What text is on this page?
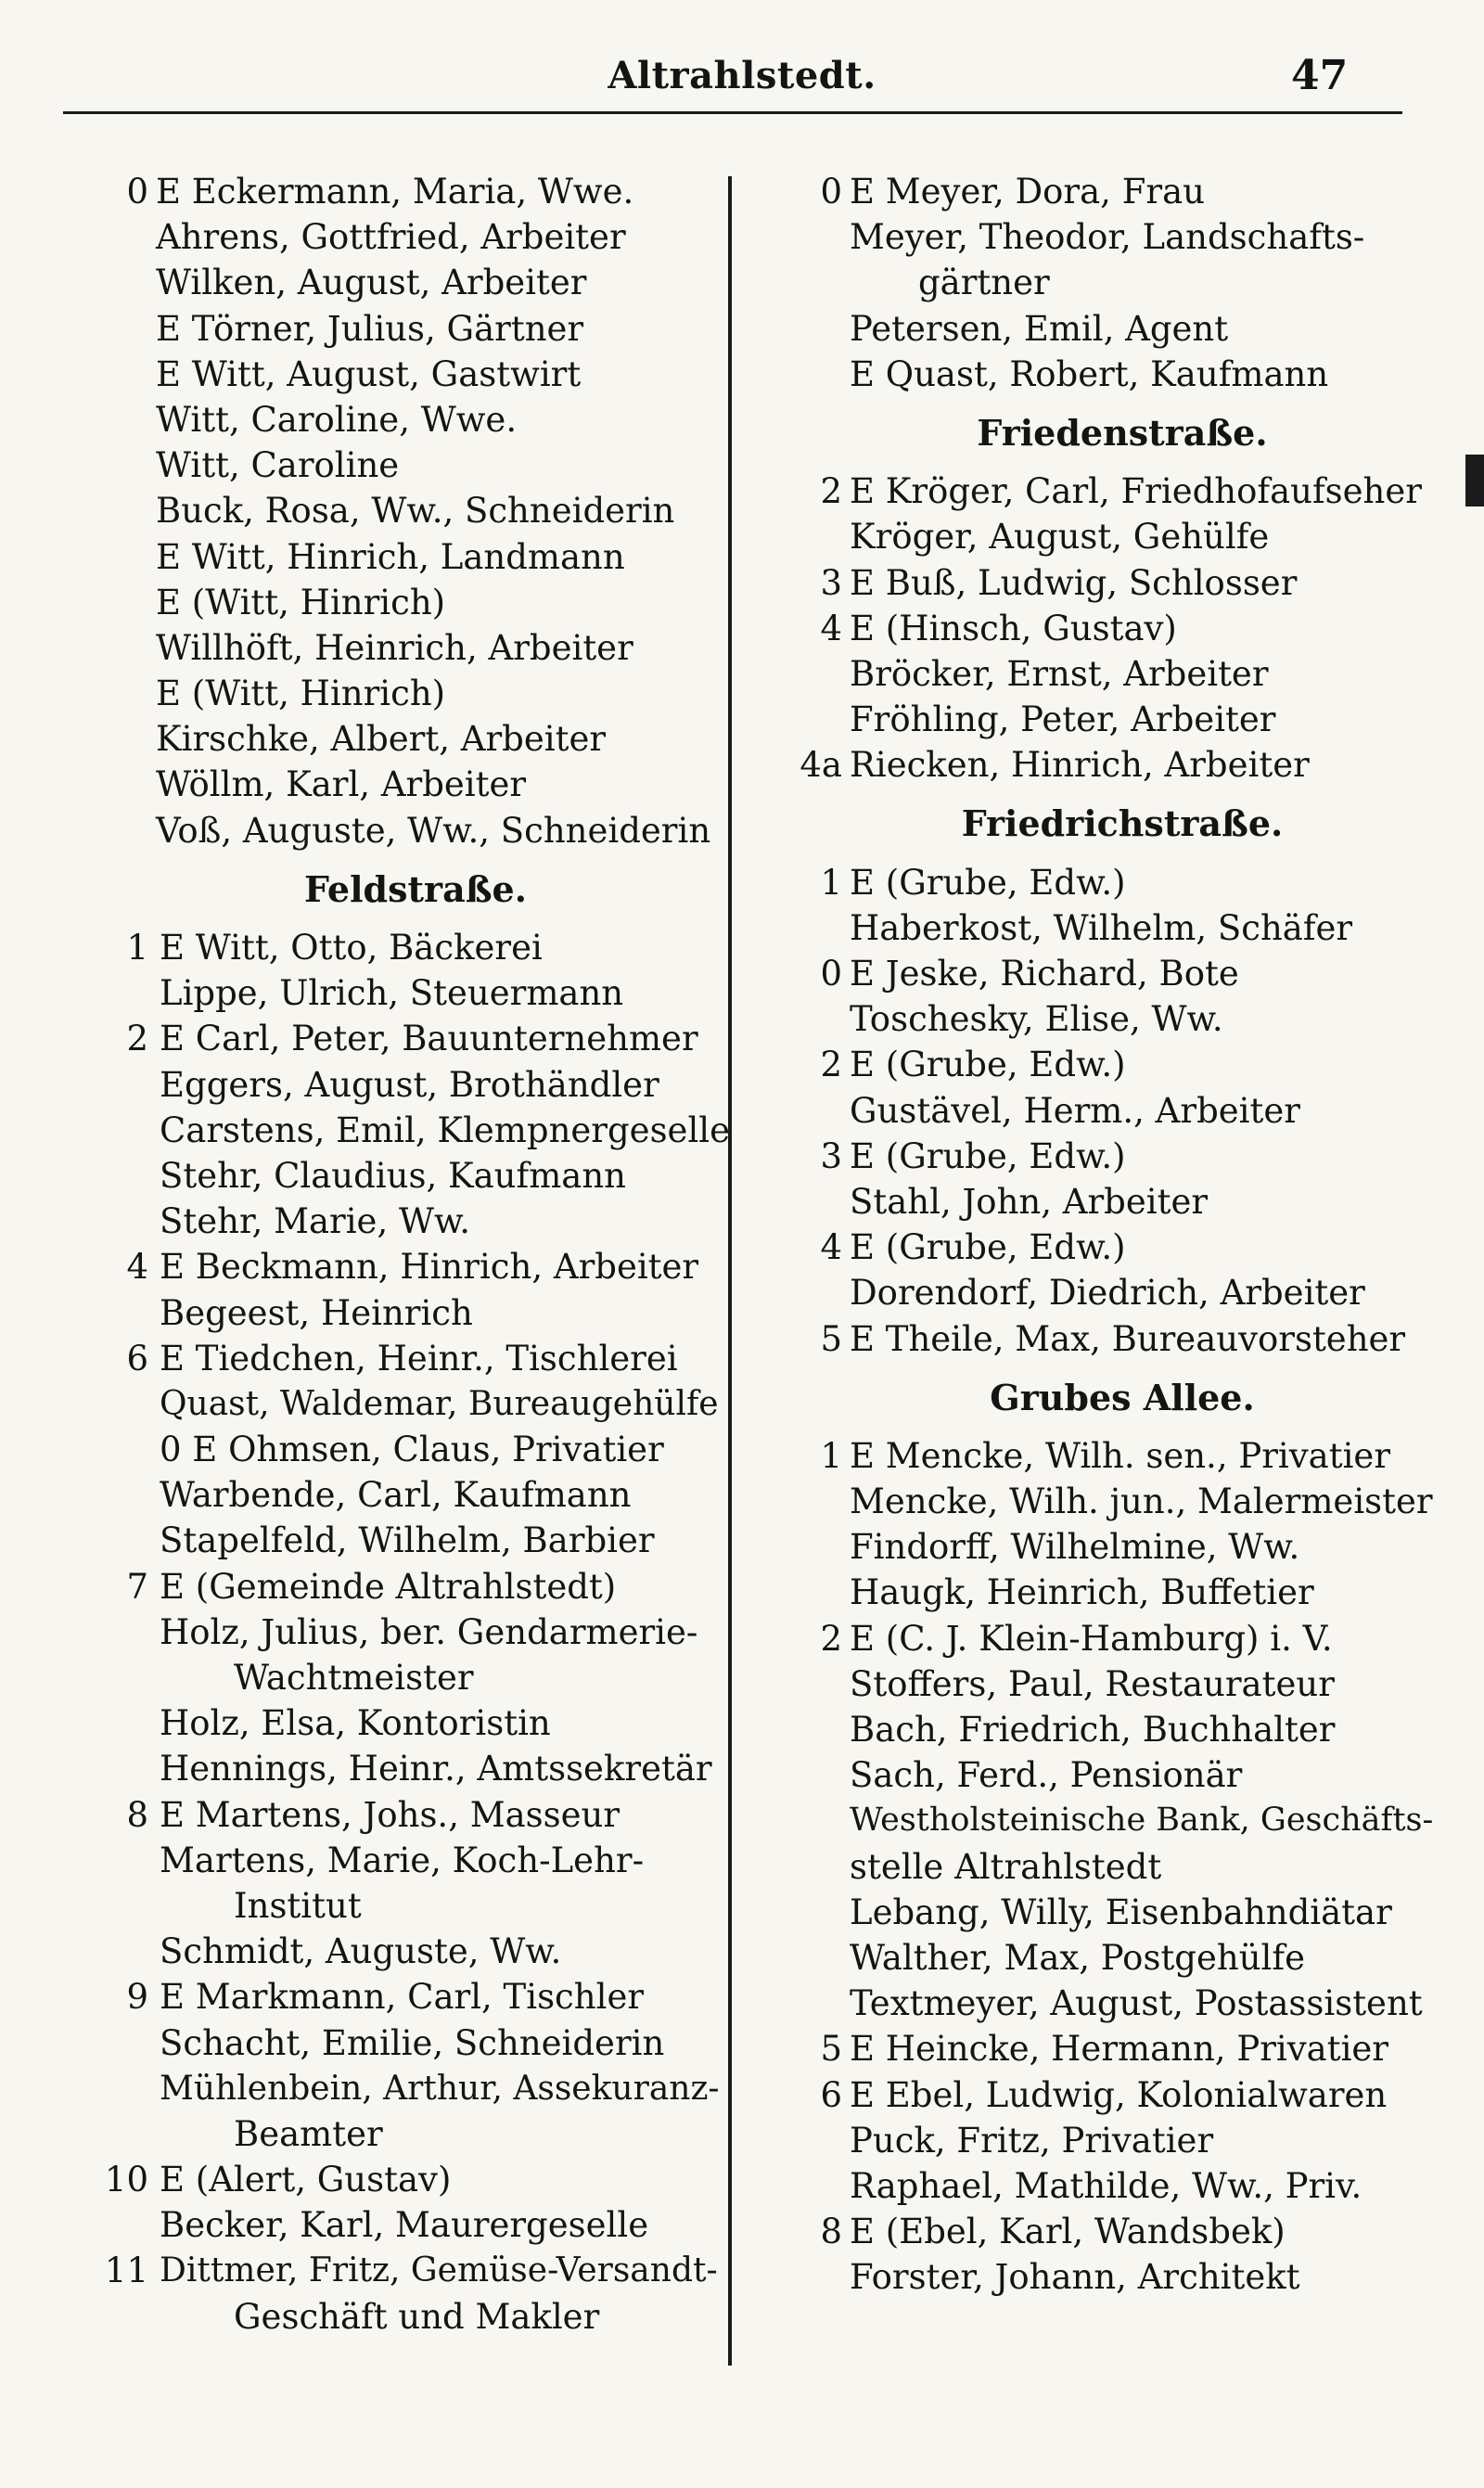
Altrahlstedt.	47
0 E Eckermann, Maria, Wwe.
Ahrens, Gottfried, Arbeiter
Wilken, August, Arbeiter
E Törner, Julius, Gärtner
E Witt, August, Gastwirt
Witt, Caroline, Wwe.
Witt, Caroline
Buck, Rosa, Ww., Schneiderin
E Witt, Hinrich, Landmann
E (Witt, Hinrich)
Willhöft, Heinrich, Arbeiter
E (Witt, Hinrich)
Kirschke, Albert, Arbeiter
Wöllm, Karl, Arbeiter
Voß, Auguste, Ww., Schneiderin
Feldstraße.
1 E Witt, Otto, Bäckerei
Lippe, Ulrich, Steuermann
2 E Carl, Peter, Bauunternehmer
Eggers, August, Brothändler
Carstens, Emil, Klempnergeselle
Stehr, Claudius, Kaufmann
Stehr, Marie, Ww.
4 E Beckmann, Hinrich, Arbeiter
Begeest, Heinrich
6 E Tiedchen, Heinr., Tischlerei
Quast, Waldemar, Bureaugehülfe
0 E Ohmsen, Claus, Privatier
Warbende, Carl, Kaufmann
Stapelfeld, Wilhelm, Barbier
7 E (Gemeinde Altrahlstedt)
Holz, Julius, ber. Gendarmerie-
Wachtmeister
Holz, Elsa, Kontoristin
Hennings, Heinr., Amtssekretär
8 E Martens, Johs., Masseur
Martens, Marie, Koch-Lehr-
Institut
Schmidt, Auguste, Ww.
9 E Markmann, Carl, Tischler
Schacht, Emilie, Schneiderin
Mühlenbein, Arthur, Assekuranz-
Beamter
10 E (Alert, Gustav)
Becker, Karl, Maurergeselle
11 Dittmer, Fritz, Gemüse-Versandt-
Geschäft und Makler
0 E Meyer, Dora, Frau
Meyer, Theodor, Landschafts-
gärtner
Petersen, Emil, Agent
E Quast, Robert, Kaufmann
Friedenstraße.
2 E Kröger, Carl, Friedhofaufseher
Kröger, August, Gehülfe
3 E Buß, Ludwig, Schlosser
4 E (Hinsch, Gustav)
Bröcker, Ernst, Arbeiter
Fröhling, Peter, Arbeiter
4a Riecken, Hinrich, Arbeiter
Friedrichstraße.
1 E (Grube, Edw.)
Haberkost, Wilhelm, Schäfer
0 E Jeske, Richard, Bote
Toschesky, Elise, Ww.
2 E (Grube, Edw.)
Gustävel, Herm., Arbeiter
3 E (Grube, Edw.)
Stahl, John, Arbeiter
4 E (Grube, Edw.)
Dorendorf, Diedrich, Arbeiter
5 E Theile, Max, Bureauvorsteher
Grubes Allee.
1 E Mencke, Wilh. sen., Privatier
Mencke, Wilh. jun., Malermeister
Findorff, Wilhelmine, Ww.
Haugk, Heinrich, Buffetier
2 E (C. J. Klein-Hamburg) i. V.
Stoffers, Paul, Restaurateur
Bach, Friedrich, Buchhalter
Sach, Ferd., Pensionär
Westholsteinische Bank, Geschäfts-
stelle Altrahlstedt
Lebang, Willy, Eisenbahndiätar
Walther, Max, Postgehülfe
Textmeyer, August, Postassistent
5 E Heincke, Hermann, Privatier
6 E Ebel, Ludwig, Kolonialwaren
Puck, Fritz, Privatier
Raphael, Mathilde, Ww., Priv.
8 E (Ebel, Karl, Wandsbek)
Forster, Johann, Architekt
